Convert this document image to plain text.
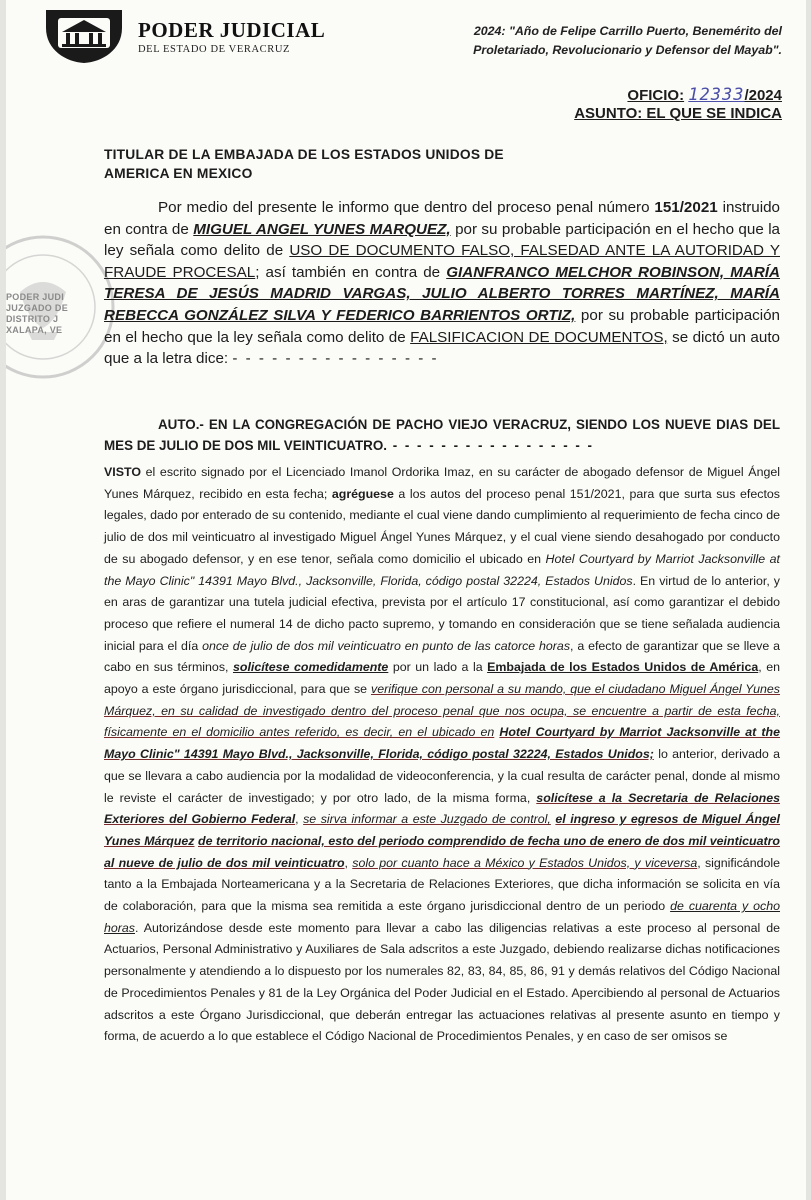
PODER JUDICIAL
DEL ESTADO DE VERACRUZ
2024: "Año de Felipe Carrillo Puerto, Benemérito del
Proletariado, Revolucionario y Defensor del Mayab".
OFICIO: 12333/2024
ASUNTO: EL QUE SE INDICA
PODER JUDI
JUZGADO DE
DISTRITO J
XALAPA, VE
TITULAR DE LA EMBAJADA DE LOS ESTADOS UNIDOS DE
AMERICA EN MEXICO

Por medio del presente le informo que dentro del proceso penal número 151/2021 instruido en contra de MIGUEL ANGEL YUNES MARQUEZ, por su probable participación en el hecho que la ley señala como delito de USO DE DOCUMENTO FALSO, FALSEDAD ANTE LA AUTORIDAD Y FRAUDE PROCESAL; así también en contra de GIANFRANCO MELCHOR ROBINSON, MARÍA TERESA DE JESÚS MADRID VARGAS, JULIO ALBERTO TORRES MARTÍNEZ, MARÍA REBECCA GONZÁLEZ SILVA Y FEDERICO BARRIENTOS ORTIZ, por su probable participación en el hecho que la ley señala como delito de FALSIFICACION DE DOCUMENTOS, se dictó un auto que a la letra dice: - - - - - - - - - - - - - - - -

AUTO.- EN LA CONGREGACIÓN DE PACHO VIEJO VERACRUZ, SIENDO LOS NUEVE DIAS DEL MES DE JULIO DE DOS MIL VEINTICUATRO. - - - - - - - - - - - - - - - - -

VISTO el escrito signado por el Licenciado Imanol Ordorika Imaz, en su carácter de abogado defensor de Miguel Ángel Yunes Márquez, recibido en esta fecha; agréguese a los autos del proceso penal 151/2021, para que surta sus efectos legales, dado por enterado de su contenido, mediante el cual viene dando cumplimiento al requerimiento de fecha cinco de julio de dos mil veinticuatro al investigado Miguel Ángel Yunes Márquez, y el cual viene siendo desahogado por conducto de su abogado defensor, y en ese tenor, señala como domicilio el ubicado en Hotel Courtyard by Marriot Jacksonville at the Mayo Clinic" 14391 Mayo Blvd., Jacksonville, Florida, código postal 32224, Estados Unidos. En virtud de lo anterior, y en aras de garantizar una tutela judicial efectiva, prevista por el artículo 17 constitucional, así como garantizar el debido proceso que refiere el numeral 14 de dicho pacto supremo, y tomando en consideración que se tiene señalada audiencia inicial para el día once de julio de dos mil veinticuatro en punto de las catorce horas, a efecto de garantizar que se lleve a cabo en sus términos, solicítese comedidamente por un lado a la Embajada de los Estados Unidos de América, en apoyo a este órgano jurisdiccional, para que se verifique con personal a su mando, que el ciudadano Miguel Ángel Yunes Márquez, en su calidad de investigado dentro del proceso penal que nos ocupa, se encuentre a partir de esta fecha, físicamente en el domicilio antes referido, es decir, en el ubicado en Hotel Courtyard by Marriot Jacksonville at the Mayo Clinic" 14391 Mayo Blvd., Jacksonville, Florida, código postal 32224, Estados Unidos; lo anterior, derivado a que se llevara a cabo audiencia por la modalidad de videoconferencia, y la cual resulta de carácter penal, donde al mismo le reviste el carácter de investigado; y por otro lado, de la misma forma, solicítese a la Secretaria de Relaciones Exteriores del Gobierno Federal, se sirva informar a este Juzgado de control, el ingreso y egresos de Miguel Ángel Yunes Márquez de territorio nacional, esto del periodo comprendido de fecha uno de enero de dos mil veinticuatro al nueve de julio de dos mil veinticuatro, solo por cuanto hace a México y Estados Unidos, y viceversa, significándole tanto a la Embajada Norteamericana y a la Secretaria de Relaciones Exteriores, que dicha información se solicita en vía de colaboración, para que la misma sea remitida a este órgano jurisdiccional dentro de un periodo de cuarenta y ocho horas. Autorizándose desde este momento para llevar a cabo las diligencias relativas a este proceso al personal de Actuarios, Personal Administrativo y Auxiliares de Sala adscritos a este Juzgado, debiendo realizarse dichas notificaciones personalmente y atendiendo a lo dispuesto por los numerales 82, 83, 84, 85, 86, 91 y demás relativos del Código Nacional de Procedimientos Penales y 81 de la Ley Orgánica del Poder Judicial en el Estado. Apercibiendo al personal de Actuarios adscritos a este Órgano Jurisdiccional, que deberán entregar las actuaciones relativas al presente asunto en tiempo y forma, de acuerdo a lo que establece el Código Nacional de Procedimientos Penales, y en caso de ser omisos se
